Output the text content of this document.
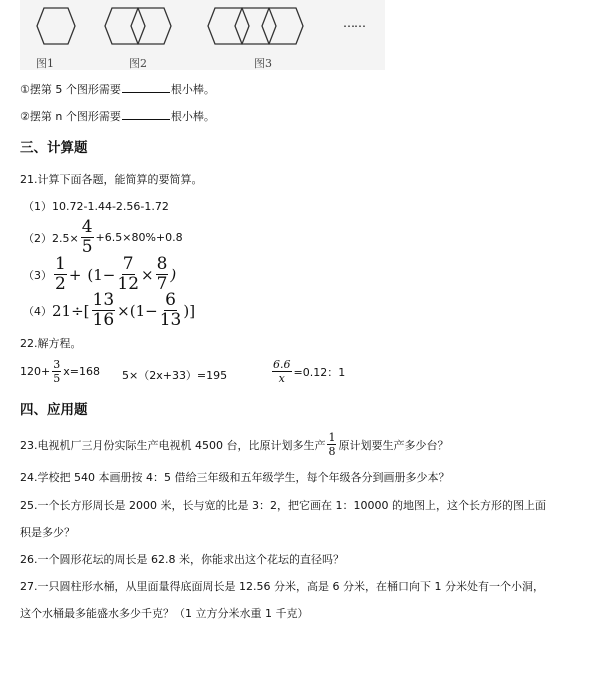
图1	图2	图3
……
①摆第 5 个图形需要	根小棒。
②摆第 n 个图形需要	根小棒。
三、计算题
21.计算下面各题，能简算的要简算。
（1）10.72-1.44-2.56-1.72
$(2)2.5\times \frac{4}{5} +6.5\times 80\%+0.8$
$(3) \frac{1}{2} + (1- \frac{7}{12} \times \frac{8}{7}$ )
（4） $21\div[ \frac{13}{16} \times(1- \frac{6}{13}$ )]
22.解方程。
$120+ \frac{3}{5} x=168$ 5×（2x+33）=195	$\frac{6.6}{x} =0.12$：1
四、应用题
23.电视机厂三月份实际生产电视机 4500 台，比原计划多生产 $\frac{1}{8}$ 原计划要生产多少台？
24.学校把 540 本画册按 4：5 借给三年级和五年级学生，每个年级各分到画册多少本？
25.一个长方形周长是 2000 米，长与宽的比是 3：2，把它画在 1：10000 的地图上，这个长方形的图上面
积是多少？
26.一个圆形花坛的周长是 62.8 米，你能求出这个花坛的直径吗？
27.一只圆柱形水桶，从里面量得底面周长是 12.56 分米，高是 6 分米，在桶口向下 1 分米处有一个小洞，
这个水桶最多能盛水多少千克？（1 立方分米水重 1 千克）
